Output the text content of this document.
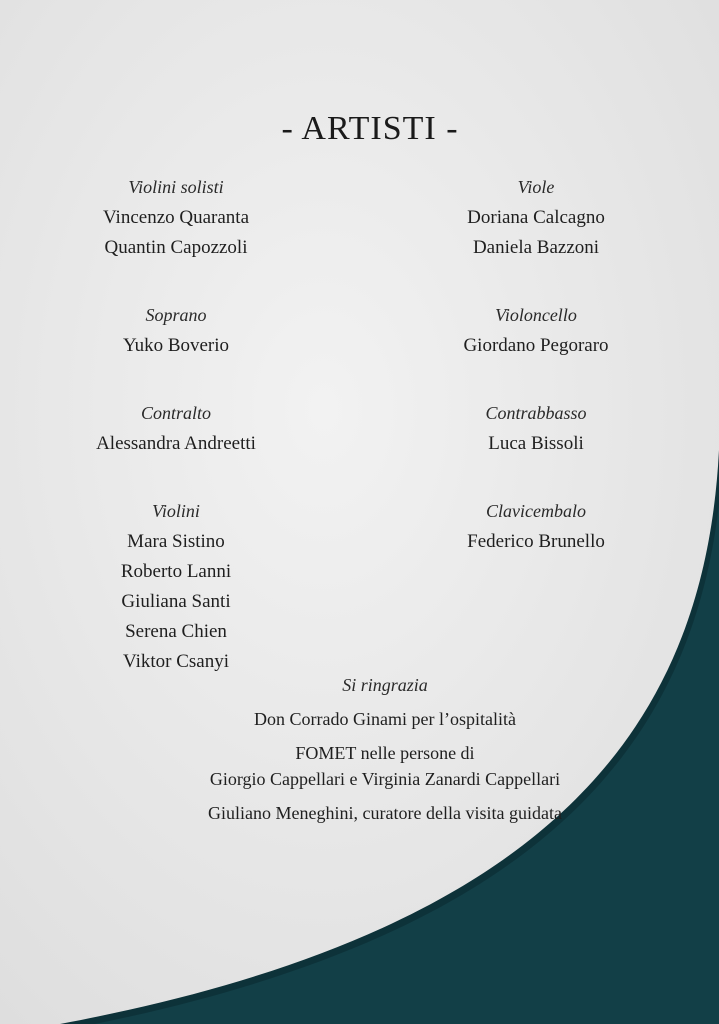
- ARTISTI -
Violini solisti
Vincenzo Quaranta
Quantin Capozzoli
Soprano
Yuko Boverio
Contralto
Alessandra Andreetti
Violini
Mara Sistino
Roberto Lanni
Giuliana Santi
Serena Chien
Viktor Csanyi
Viole
Doriana Calcagno
Daniela Bazzoni
Violoncello
Giordano Pegoraro
Contrabbasso
Luca Bissoli
Clavicembalo
Federico Brunello
Si ringrazia
Don Corrado Ginami per l’ospitalità
FOMET nelle persone di
Giorgio Cappellari e Virginia Zanardi Cappellari
Giuliano Meneghini, curatore della visita guidata
